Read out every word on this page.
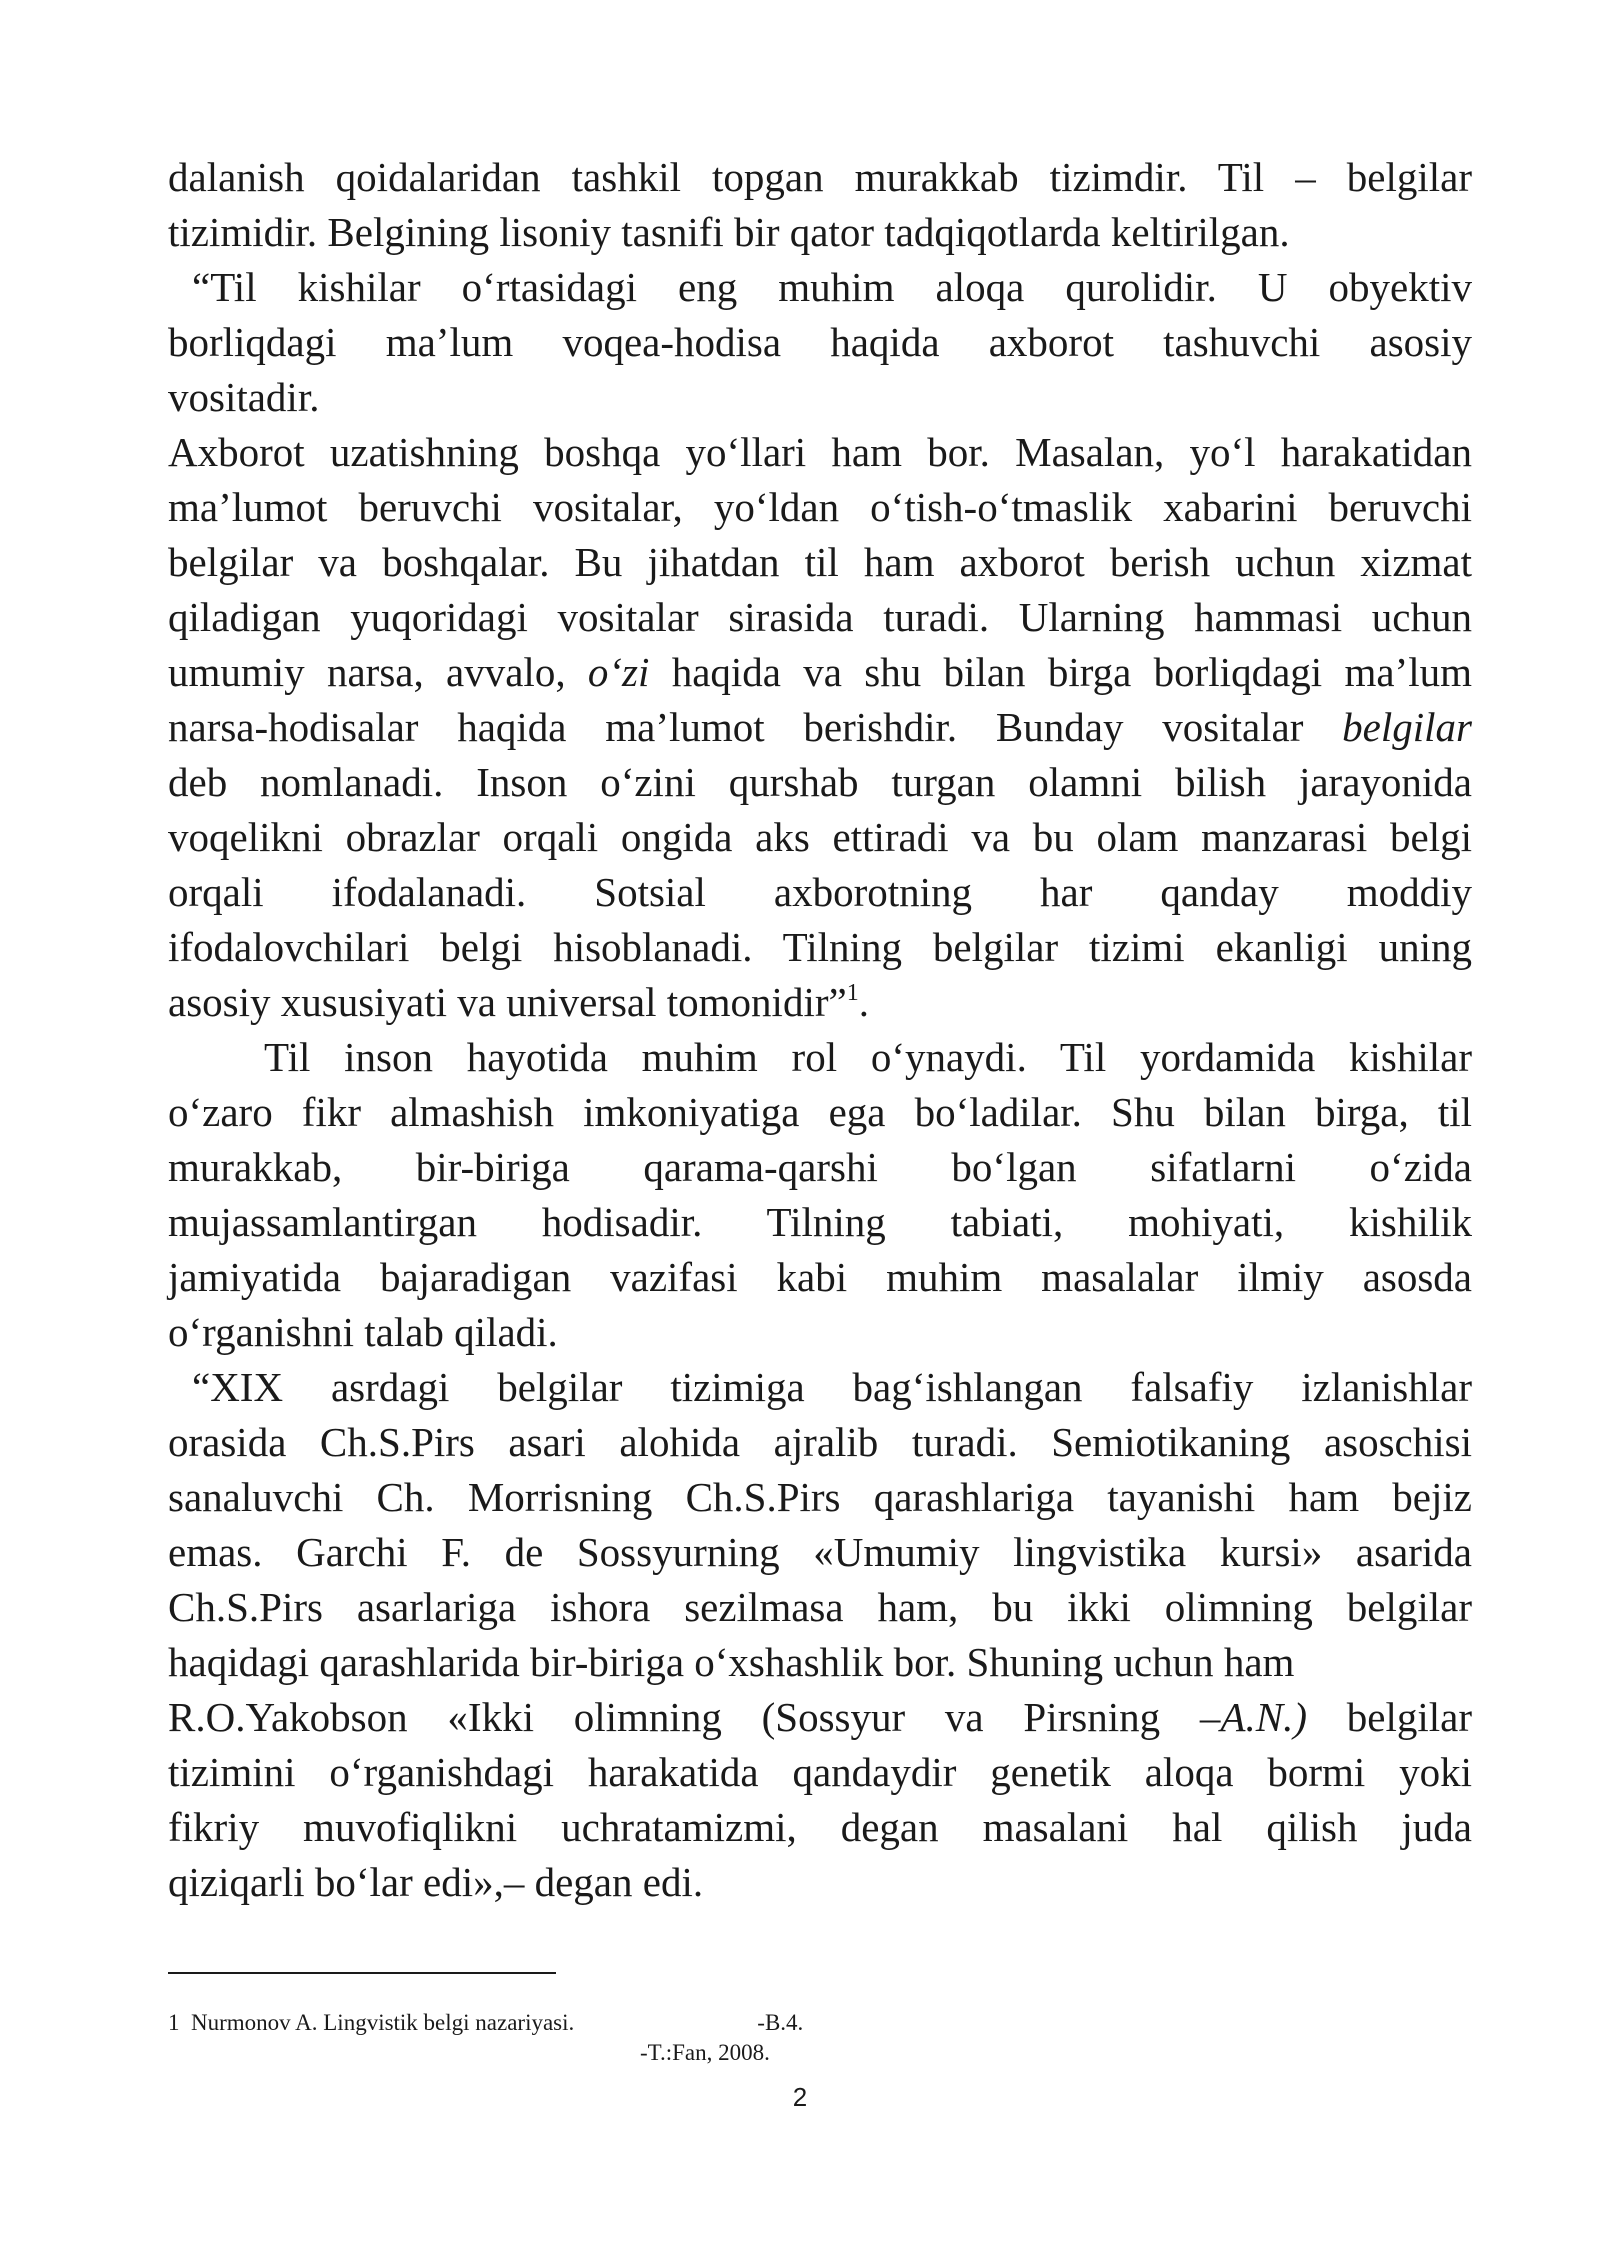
dalanish qoidalaridan tashkil topgan murakkab tizimdir. Til – belgilar

tizimidir. Belgining lisoniy tasnifi bir qator tadqiqotlarda keltirilgan.

“Til kishilar o‘rtasidagi eng muhim aloqa qurolidir. U obyektiv

borliqdagi ma’lum voqea-hodisa haqida axborot tashuvchi asosiy

vositadir.

Axborot uzatishning boshqa yo‘llari ham bor. Masalan, yo‘l harakatidan

ma’lumot beruvchi vositalar, yo‘ldan o‘tish-o‘tmaslik xabarini beruvchi

belgilar va boshqalar. Bu jihatdan til ham axborot berish uchun xizmat

qiladigan yuqoridagi vositalar sirasida turadi. Ularning hammasi uchun

umumiy narsa, avvalo, o‘zi haqida va shu bilan birga borliqdagi ma’lum

narsa-hodisalar haqida ma’lumot berishdir. Bunday vositalar belgilar

deb nomlanadi. Inson o‘zini qurshab turgan olamni bilish jarayonida

voqelikni obrazlar orqali ongida aks ettiradi va bu olam manzarasi belgi

orqali ifodalanadi. Sotsial axborotning har qanday moddiy

ifodalovchilari belgi hisoblanadi. Tilning belgilar tizimi ekanligi uning

asosiy xususiyati va universal tomonidir”$^1$.

Til inson hayotida muhim rol o‘ynaydi. Til yordamida kishilar

o‘zaro fikr almashish imkoniyatiga ega bo‘ladilar. Shu bilan birga, til

murakkab, bir-biriga qarama-qarshi bo‘lgan sifatlarni o‘zida

mujassamlantirgan hodisadir. Tilning tabiati, mohiyati, kishilik

jamiyatida bajaradigan vazifasi kabi muhim masalalar ilmiy asosda

o‘rganishni talab qiladi.

“XIX asrdagi belgilar tizimiga bag‘ishlangan falsafiy izlanishlar

orasida Ch.S.Pirs asari alohida ajralib turadi. Semiotikaning asoschisi

sanaluvchi Ch. Morrisning Ch.S.Pirs qarashlariga tayanishi ham bejiz

emas. Garchi F. de Sossyurning «Umumiy lingvistika kursi» asarida

Ch.S.Pirs asarlariga ishora sezilmasa ham, bu ikki olimning belgilar

haqidagi qarashlarida bir-biriga o‘xshashlik bor. Shuning uchun ham

R.O.Yakobson «Ikki olimning (Sossyur va Pirsning –A.N.) belgilar

tizimini o‘rganishdagi harakatida qandaydir genetik aloqa bormi yoki

fikriy muvofiqlikni uchratamizmi, degan masalani hal qilish juda

qiziqarli bo‘lar edi»,– degan edi.

1 Nurmonov A. Lingvistik belgi nazariyasi.	-B.4.
-T.:Fan, 2008.
2
